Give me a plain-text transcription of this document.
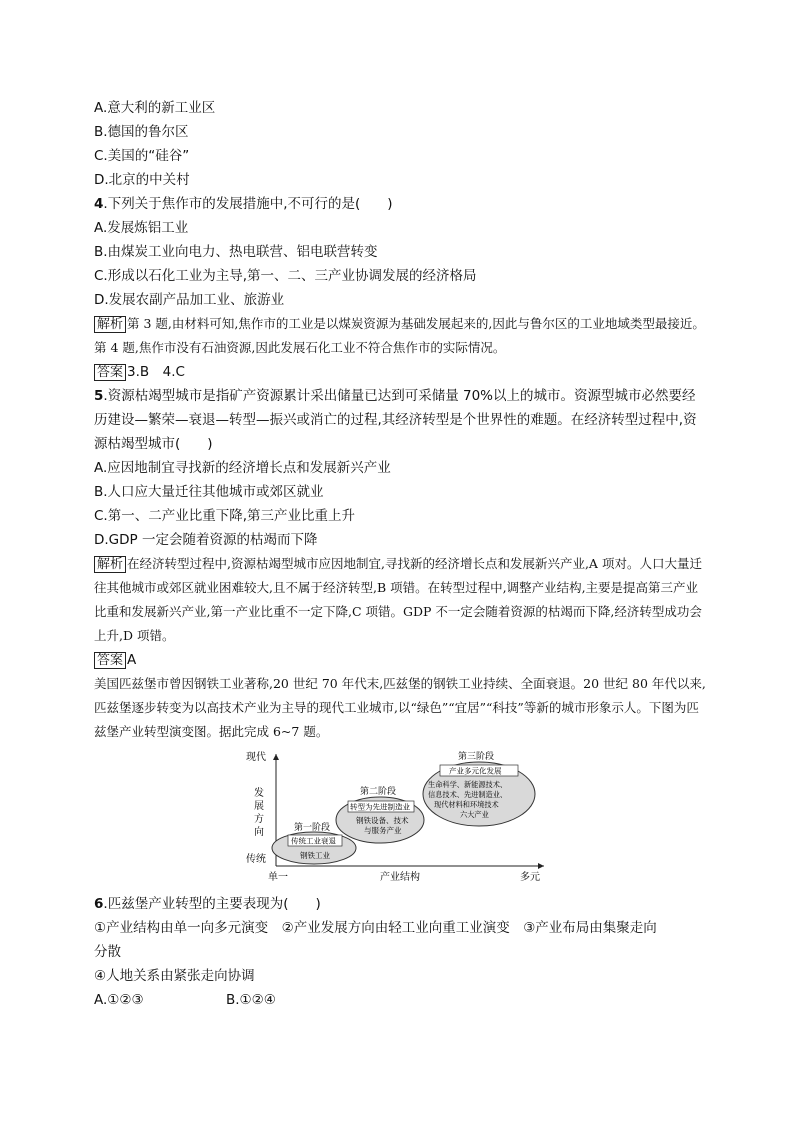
A.意大利的新工业区
B.德国的鲁尔区
C.美国的“硅谷”
D.北京的中关村
4.下列关于焦作市的发展措施中,不可行的是(　　)
A.发展炼铝工业
B.由煤炭工业向电力、热电联营、铝电联营转变
C.形成以石化工业为主导,第一、二、三产业协调发展的经济格局
D.发展农副产品加工业、旅游业
解析 第 3 题,由材料可知,焦作市的工业是以煤炭资源为基础发展起来的,因此与鲁尔区的工业地域类型最接近。第 4 题,焦作市没有石油资源,因此发展石化工业不符合焦作市的实际情况。
答案 3.B　4.C
5.资源枯竭型城市是指矿产资源累计采出储量已达到可采储量 70%以上的城市。资源型城市必然要经历建设—繁荣—衰退—转型—振兴或消亡的过程,其经济转型是个世界性的难题。在经济转型过程中,资源枯竭型城市(　　)
A.应因地制宜寻找新的经济增长点和发展新兴产业
B.人口应大量迁往其他城市或郊区就业
C.第一、二产业比重下降,第三产业比重上升
D.GDP 一定会随着资源的枯竭而下降
解析 在经济转型过程中,资源枯竭型城市应因地制宜,寻找新的经济增长点和发展新兴产业,A 项对。人口大量迁往其他城市或郊区就业困难较大,且不属于经济转型,B 项错。在转型过程中,调整产业结构,主要是提高第三产业比重和发展新兴产业,第一产业比重不一定下降,C 项错。GDP 不一定会随着资源的枯竭而下降,经济转型成功会上升,D 项错。
答案 A
美国匹兹堡市曾因钢铁工业著称,20 世纪 70 年代末,匹兹堡的钢铁工业持续、全面衰退。20 世纪 80 年代以来,匹兹堡逐步转变为以高技术产业为主导的现代工业城市,以“绿色”“宜居”“科技”等新的城市形象示人。下图为匹兹堡产业转型演变图。据此完成 6~7 题。
现代
发 展 方 向
传统
单一	产业结构	多元
第一阶段
传统工业衰退
钢铁工业
第二阶段
转型为先进制造业
钢铁设备、技术
与服务产业
第三阶段
产业多元化发展
生命科学、新能源技术、
信息技术、先进制造业、
现代材料和环境技术
六大产业
6.匹兹堡产业转型的主要表现为(　　)
①产业结构由单一向多元演变　②产业发展方向由轻工业向重工业演变　③产业布局由集聚走向
分散
④人地关系由紧张走向协调
A.①②③	B.①②④
